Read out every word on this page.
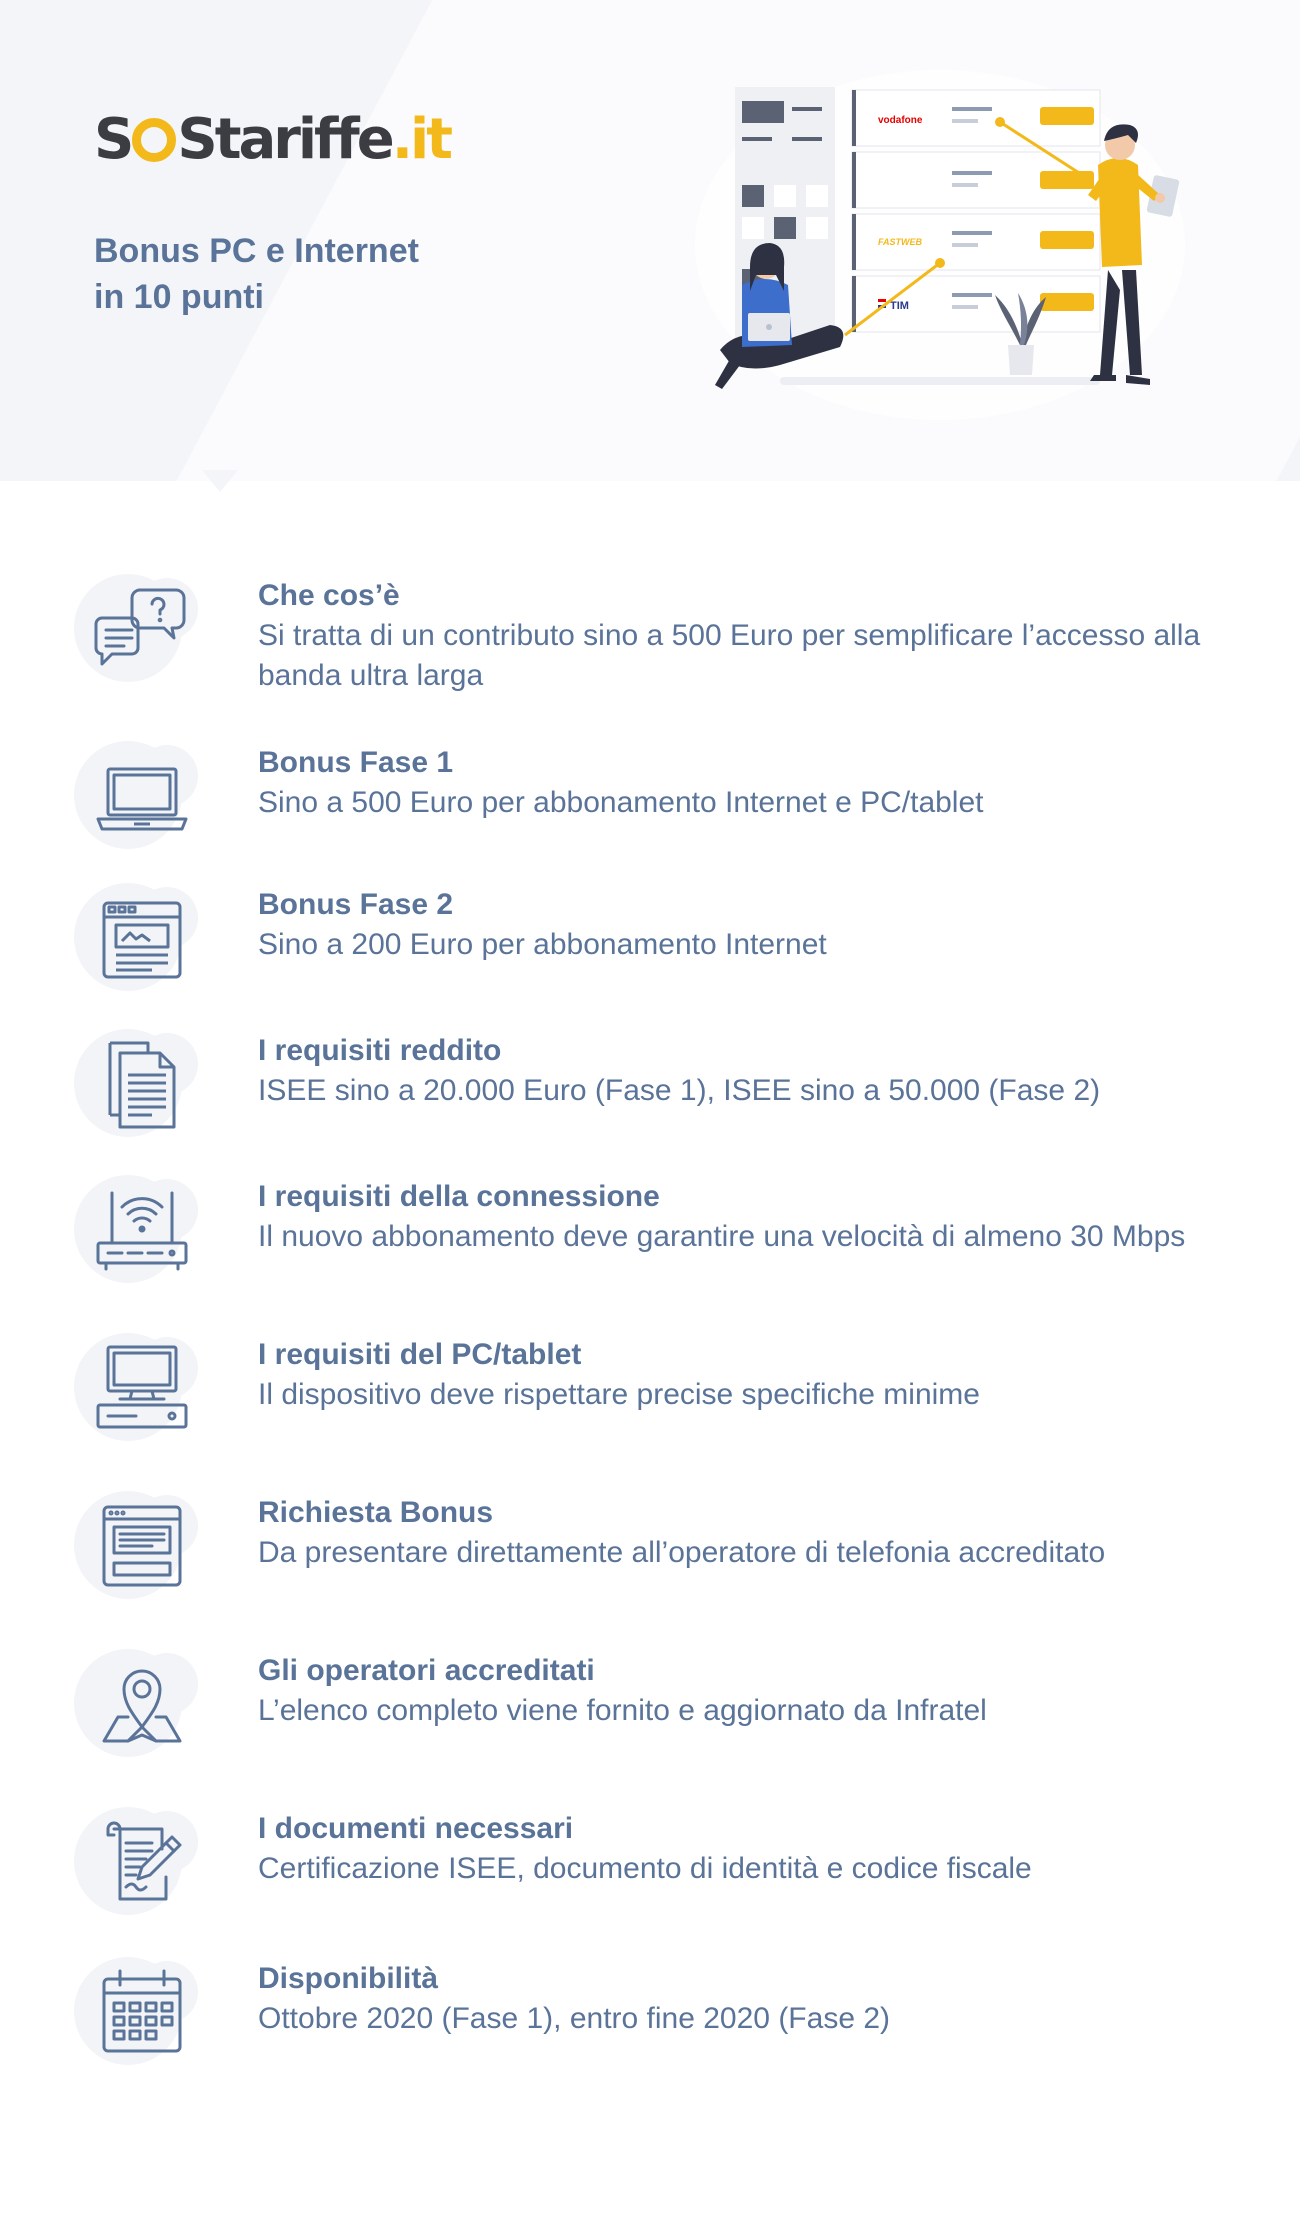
S S tariffe .it
Bonus PC e Internet
in 10 punti
vodafone
FASTWEB
TIM
Che cos’è
Si tratta di un contributo sino a 500 Euro per semplificare l’accesso alla banda ultra larga
Bonus Fase 1
Sino a 500 Euro per abbonamento Internet e PC/tablet
Bonus Fase 2
Sino a 200 Euro per abbonamento Internet
I requisiti reddito
ISEE sino a 20.000 Euro (Fase 1), ISEE sino a 50.000 (Fase 2)
I requisiti della connessione
Il nuovo abbonamento deve garantire una velocità di almeno 30 Mbps
I requisiti del PC/tablet
Il dispositivo deve rispettare precise specifiche minime
Richiesta Bonus
Da presentare direttamente all’operatore di telefonia accreditato
Gli operatori accreditati
L’elenco completo viene fornito e aggiornato da Infratel
I documenti necessari
Certificazione ISEE, documento di identità e codice fiscale
Disponibilità
Ottobre 2020 (Fase 1), entro fine 2020 (Fase 2)
